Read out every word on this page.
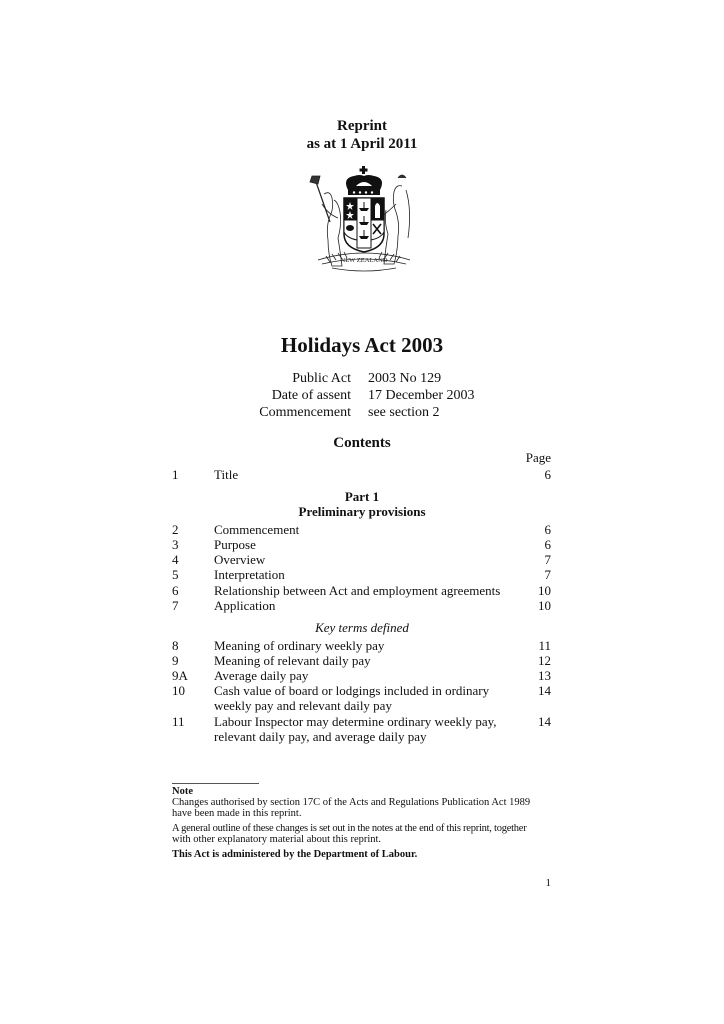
Reprint
as at 1 April 2011
NEW ZEALAND
Holidays Act 2003
Public Act 2003 No 129
Date of assent 17 December 2003
Commencement see section 2
Contents
Page
1	Title	6
Part 1
Preliminary provisions
2	Commencement	6
3	Purpose	6
4	Overview	7
5	Interpretation	7
6	Relationship between Act and employment agreements	10
7	Application	10
Key terms defined
8	Meaning of ordinary weekly pay	11
9	Meaning of relevant daily pay	12
9A Average daily pay	13
10 Cash value of board or lodgings included in ordinary	14
weekly pay and relevant daily pay
11 Labour Inspector may determine ordinary weekly pay,	14
relevant daily pay, and average daily pay
Note
Changes authorised by section 17C of the Acts and Regulations Publication Act 1989
have been made in this reprint.
A general outline of these changes is set out in the notes at the end of this reprint, together
with other explanatory material about this reprint.
This Act is administered by the Department of Labour.
1
